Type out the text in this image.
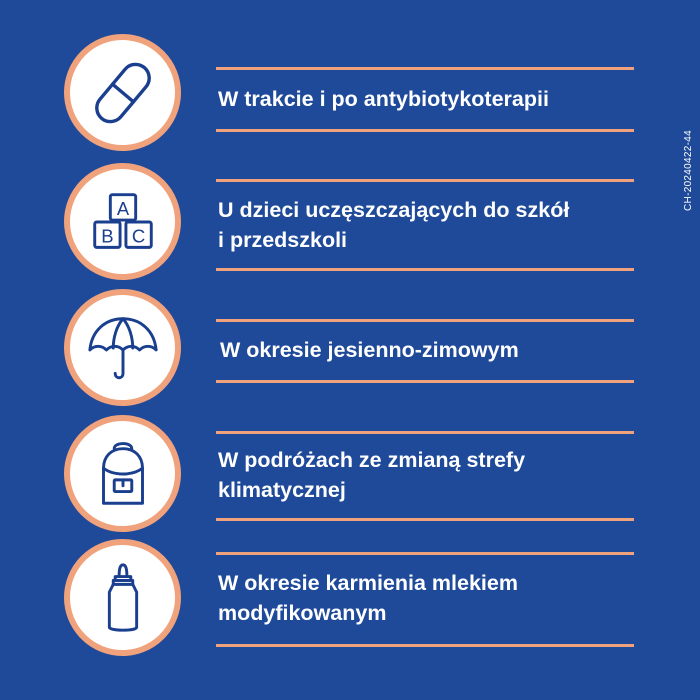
CH-20240422-44
W trakcie i po antybiotykoterapii
A
B C
U dzieci uczęszczających do szkół
i przedszkoli
W okresie jesienno-zimowym
W podróżach ze zmianą strefy
klimatycznej
W okresie karmienia mlekiem
modyfikowanym
